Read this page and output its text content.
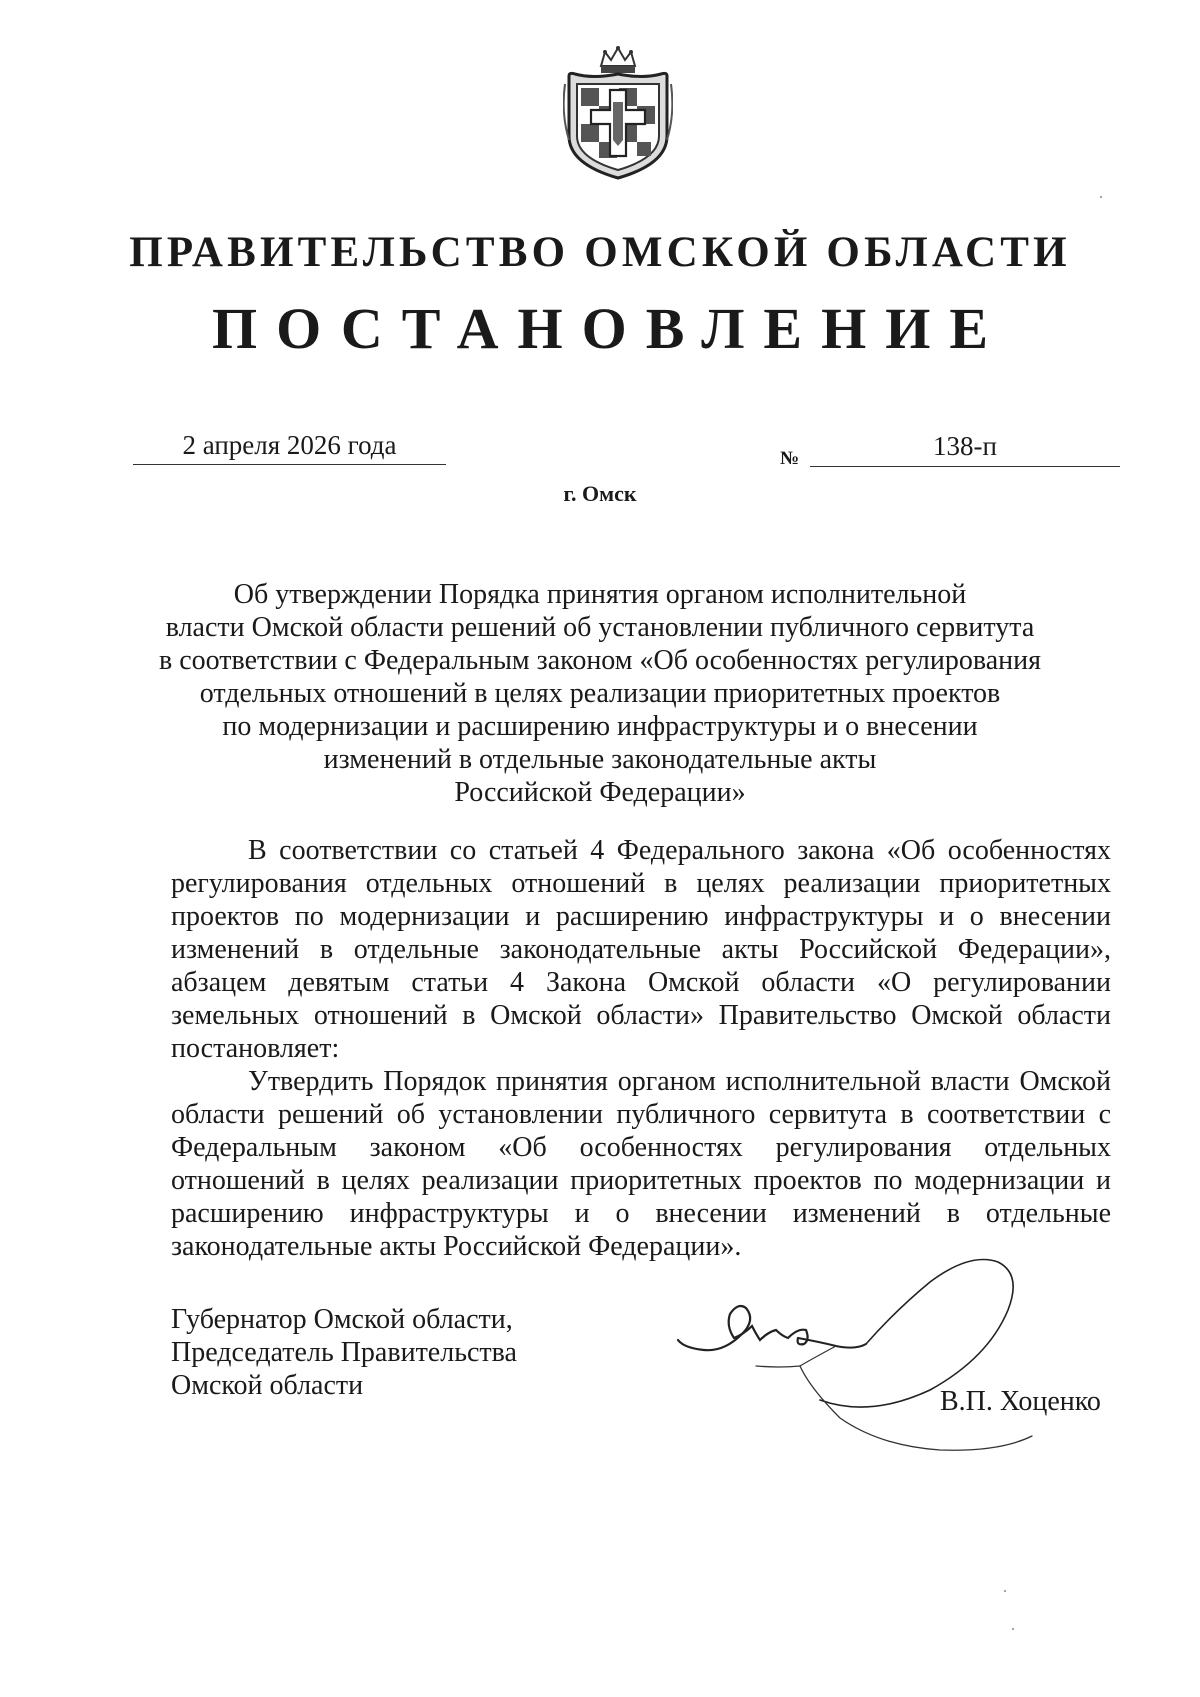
ПРАВИТЕЛЬСТВО ОМСКОЙ ОБЛАСТИ
ПОСТАНОВЛЕНИЕ
2 апреля 2026 года	№	138-п
г. Омск
Об утверждении Порядка принятия органом исполнительной
власти Омской области решений об установлении публичного сервитута
в соответствии с Федеральным законом «Об особенностях регулирования
отдельных отношений в целях реализации приоритетных проектов
по модернизации и расширению инфраструктуры и о внесении
изменений в отдельные законодательные акты
Российской Федерации»

В соответствии со статьей 4 Федерального закона «Об особенностях регулирования отдельных отношений в целях реализации приоритетных проектов по модернизации и расширению инфраструктуры и о внесении изменений в отдельные законодательные акты Российской Федерации», абзацем девятым статьи 4 Закона Омской области «О регулировании земельных отношений в Омской области» Правительство Омской области постановляет:

Утвердить Порядок принятия органом исполнительной власти Омской области решений об установлении публичного сервитута в соответствии с Федеральным законом «Об особенностях регулирования отдельных отношений в целях реализации приоритетных проектов по модернизации и расширению инфраструктуры и о внесении изменений в отдельные законодательные акты Российской Федерации».

Губернатор Омской области,
Председатель Правительства
Омской области
В.П. Хоценко
